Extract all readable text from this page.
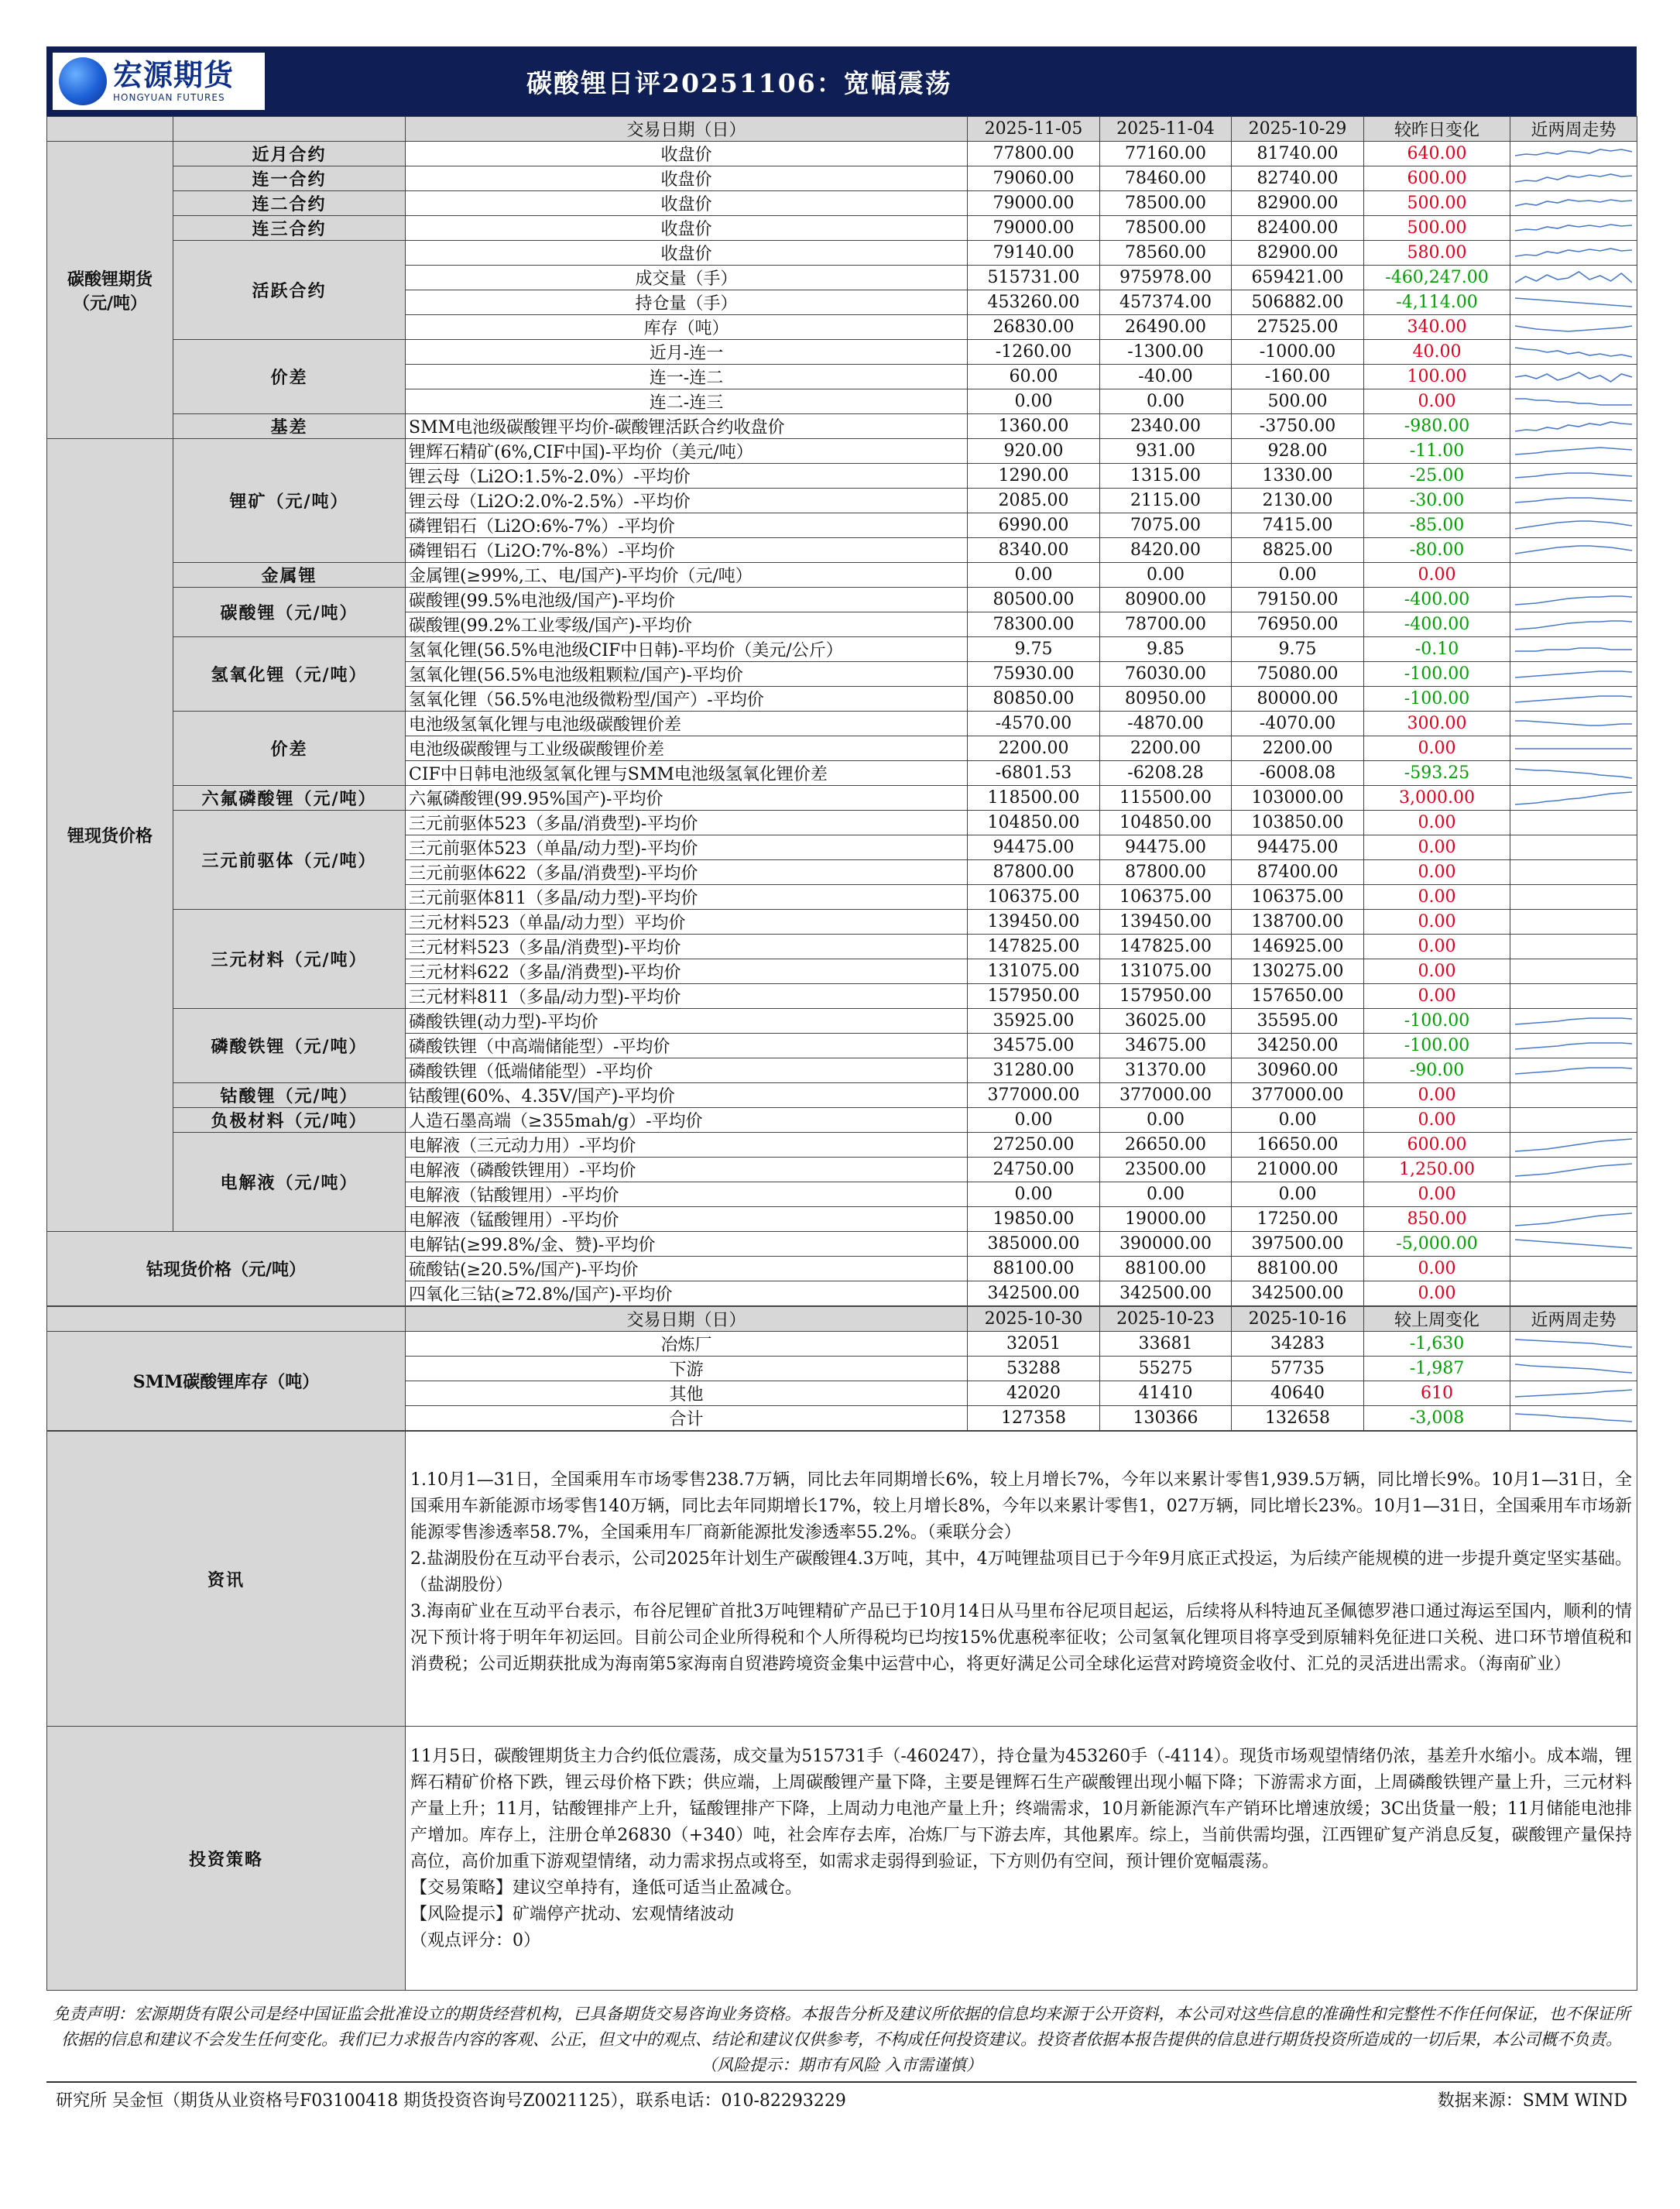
宏源期货
HONGYUAN FUTURES	碳酸锂日评20251106：宽幅震荡
		交易日期（日）	2025-11-05	2025-11-04	2025-10-29	较昨日变化	近两周走势
碳酸锂期货（元/吨）	近月合约	收盘价	77800.00	77160.00	81740.00	640.00	

	连一合约	收盘价	79060.00	78460.00	82740.00	600.00	

	连二合约	收盘价	79000.00	78500.00	82900.00	500.00	

	连三合约	收盘价	79000.00	78500.00	82400.00	500.00	

	活跃合约	收盘价	79140.00	78560.00	82900.00	580.00	

		成交量（手）	515731.00	975978.00	659421.00	-460,247.00	

		持仓量（手）	453260.00	457374.00	506882.00	-4,114.00	

		库存（吨）	26830.00	26490.00	27525.00	340.00	

	价差	近月-连一	-1260.00	-1300.00	-1000.00	40.00	

		连一-连二	60.00	-40.00	-160.00	100.00	

		连二-连三	0.00	0.00	500.00	0.00	

	基差	SMM电池级碳酸锂平均价-碳酸锂活跃合约收盘价	1360.00	2340.00	-3750.00	-980.00	

锂现货价格	锂矿（元/吨）	锂辉石精矿(6%,CIF中国)-平均价（美元/吨）	920.00	931.00	928.00	-11.00	

		锂云母（Li2O:1.5%-2.0%）-平均价	1290.00	1315.00	1330.00	-25.00	

		锂云母（Li2O:2.0%-2.5%）-平均价	2085.00	2115.00	2130.00	-30.00	

		磷锂铝石（Li2O:6%-7%）-平均价	6990.00	7075.00	7415.00	-85.00	

		磷锂铝石（Li2O:7%-8%）-平均价	8340.00	8420.00	8825.00	-80.00	

	金属锂	金属锂(≥99%,工、电/国产)-平均价（元/吨）	0.00	0.00	0.00	0.00	
	碳酸锂（元/吨）	碳酸锂(99.5%电池级/国产)-平均价	80500.00	80900.00	79150.00	-400.00	

		碳酸锂(99.2%工业零级/国产)-平均价	78300.00	78700.00	76950.00	-400.00	

	氢氧化锂（元/吨）	氢氧化锂(56.5%电池级CIF中日韩)-平均价（美元/公斤）	9.75	9.85	9.75	-0.10	

		氢氧化锂(56.5%电池级粗颗粒/国产)-平均价	75930.00	76030.00	75080.00	-100.00	

		氢氧化锂（56.5%电池级微粉型/国产）-平均价	80850.00	80950.00	80000.00	-100.00	

	价差	电池级氢氧化锂与电池级碳酸锂价差	-4570.00	-4870.00	-4070.00	300.00	

		电池级碳酸锂与工业级碳酸锂价差	2200.00	2200.00	2200.00	0.00	

		CIF中日韩电池级氢氧化锂与SMM电池级氢氧化锂价差	-6801.53	-6208.28	-6008.08	-593.25	

	六氟磷酸锂（元/吨）	六氟磷酸锂(99.95%国产)-平均价	118500.00	115500.00	103000.00	3,000.00	

	三元前驱体（元/吨）	三元前驱体523（多晶/消费型)-平均价	104850.00	104850.00	103850.00	0.00	
		三元前驱体523（单晶/动力型)-平均价	94475.00	94475.00	94475.00	0.00	
		三元前驱体622（多晶/消费型)-平均价	87800.00	87800.00	87400.00	0.00	
		三元前驱体811（多晶/动力型)-平均价	106375.00	106375.00	106375.00	0.00	
	三元材料（元/吨）	三元材料523（单晶/动力型）平均价	139450.00	139450.00	138700.00	0.00	
		三元材料523（多晶/消费型)-平均价	147825.00	147825.00	146925.00	0.00	
		三元材料622（多晶/消费型)-平均价	131075.00	131075.00	130275.00	0.00	
		三元材料811（多晶/动力型)-平均价	157950.00	157950.00	157650.00	0.00	
	磷酸铁锂（元/吨）	磷酸铁锂(动力型)-平均价	35925.00	36025.00	35595.00	-100.00	

		磷酸铁锂（中高端储能型）-平均价	34575.00	34675.00	34250.00	-100.00	

		磷酸铁锂（低端储能型）-平均价	31280.00	31370.00	30960.00	-90.00	

	钴酸锂（元/吨）	钴酸锂(60%、4.35V/国产)-平均价	377000.00	377000.00	377000.00	0.00	
	负极材料（元/吨）	人造石墨高端（≥355mah/g）-平均价	0.00	0.00	0.00	0.00	
	电解液（元/吨）	电解液（三元动力用）-平均价	27250.00	26650.00	16650.00	600.00	

		电解液（磷酸铁锂用）-平均价	24750.00	23500.00	21000.00	1,250.00	

		电解液（钴酸锂用）-平均价	0.00	0.00	0.00	0.00	
		电解液（锰酸锂用）-平均价	19850.00	19000.00	17250.00	850.00	

钴现货价格（元/吨）		电解钴(≥99.8%/金、赞)-平均价	385000.00	390000.00	397500.00	-5,000.00	

		硫酸钴(≥20.5%/国产)-平均价	88100.00	88100.00	88100.00	0.00	
		四氧化三钴(≥72.8%/国产)-平均价	342500.00	342500.00	342500.00	0.00	
	交易日期（日）	2025-10-30	2025-10-23	2025-10-16	较上周变化	近两周走势
SMM碳酸锂库存（吨）	冶炼厂	32051	33681	34283	-1,630	

	下游	53288	55275	57735	-1,987	

	其他	42020	41410	40640	610	

	合计	127358	130366	132658	-3,008	
资讯	1.10月1—31日，全国乘用车市场零售238.7万辆，同比去年同期增长6%，较上月增长7%，今年以来累计零售1,939.5万辆，同比增长9%。10月1—31日，全国乘用车新能源市场零售140万辆，同比去年同期增长17%，较上月增长8%，今年以来累计零售1，027万辆，同比增长23%。10月1—31日，全国乘用车市场新能源零售渗透率58.7%，全国乘用车厂商新能源批发渗透率55.2%。（乘联分会）
2.盐湖股份在互动平台表示，公司2025年计划生产碳酸锂4.3万吨，其中，4万吨锂盐项目已于今年9月底正式投运，为后续产能规模的进一步提升奠定坚实基础。（盐湖股份）
3.海南矿业在互动平台表示，布谷尼锂矿首批3万吨锂精矿产品已于10月14日从马里布谷尼项目起运，后续将从科特迪瓦圣佩德罗港口通过海运至国内，顺利的情况下预计将于明年年初运回。目前公司企业所得税和个人所得税均已均按15%优惠税率征收；公司氢氧化锂项目将享受到原辅料免征进口关税、进口环节增值税和消费税；公司近期获批成为海南第5家海南自贸港跨境资金集中运营中心，将更好满足公司全球化运营对跨境资金收付、汇兑的灵活进出需求。（海南矿业）

投资策略	11月5日，碳酸锂期货主力合约低位震荡，成交量为515731手（-460247），持仓量为453260手（-4114）。现货市场观望情绪仍浓，基差升水缩小。成本端，锂辉石精矿价格下跌，锂云母价格下跌；供应端，上周碳酸锂产量下降，主要是锂辉石生产碳酸锂出现小幅下降；下游需求方面，上周磷酸铁锂产量上升，三元材料产量上升；11月，钴酸锂排产上升，锰酸锂排产下降，上周动力电池产量上升；终端需求，10月新能源汽车产销环比增速放缓；3C出货量一般；11月储能电池排产增加。库存上，注册仓单26830（+340）吨，社会库存去库，冶炼厂与下游去库，其他累库。综上，当前供需均强，江西锂矿复产消息反复，碳酸锂产量保持高位，高价加重下游观望情绪，动力需求拐点或将至，如需求走弱得到验证，下方则仍有空间，预计锂价宽幅震荡。
【交易策略】建议空单持有，逢低可适当止盈减仓。
【风险提示】矿端停产扰动、宏观情绪波动
（观点评分：0）
免责声明：宏源期货有限公司是经中国证监会批准设立的期货经营机构，已具备期货交易咨询业务资格。本报告分析及建议所依据的信息均来源于公开资料，本公司对这些信息的准确性和完整性不作任何保证，也不保证所依据的信息和建议不会发生任何变化。我们已力求报告内容的客观、公正，但文中的观点、结论和建议仅供参考，不构成任何投资建议。投资者依据本报告提供的信息进行期货投资所造成的一切后果，本公司概不负责。（风险提示：期市有风险 入市需谨慎）
研究所 吴金恒（期货从业资格号F03100418 期货投资咨询号Z0021125），联系电话：010-82293229	数据来源：SMM WIND
